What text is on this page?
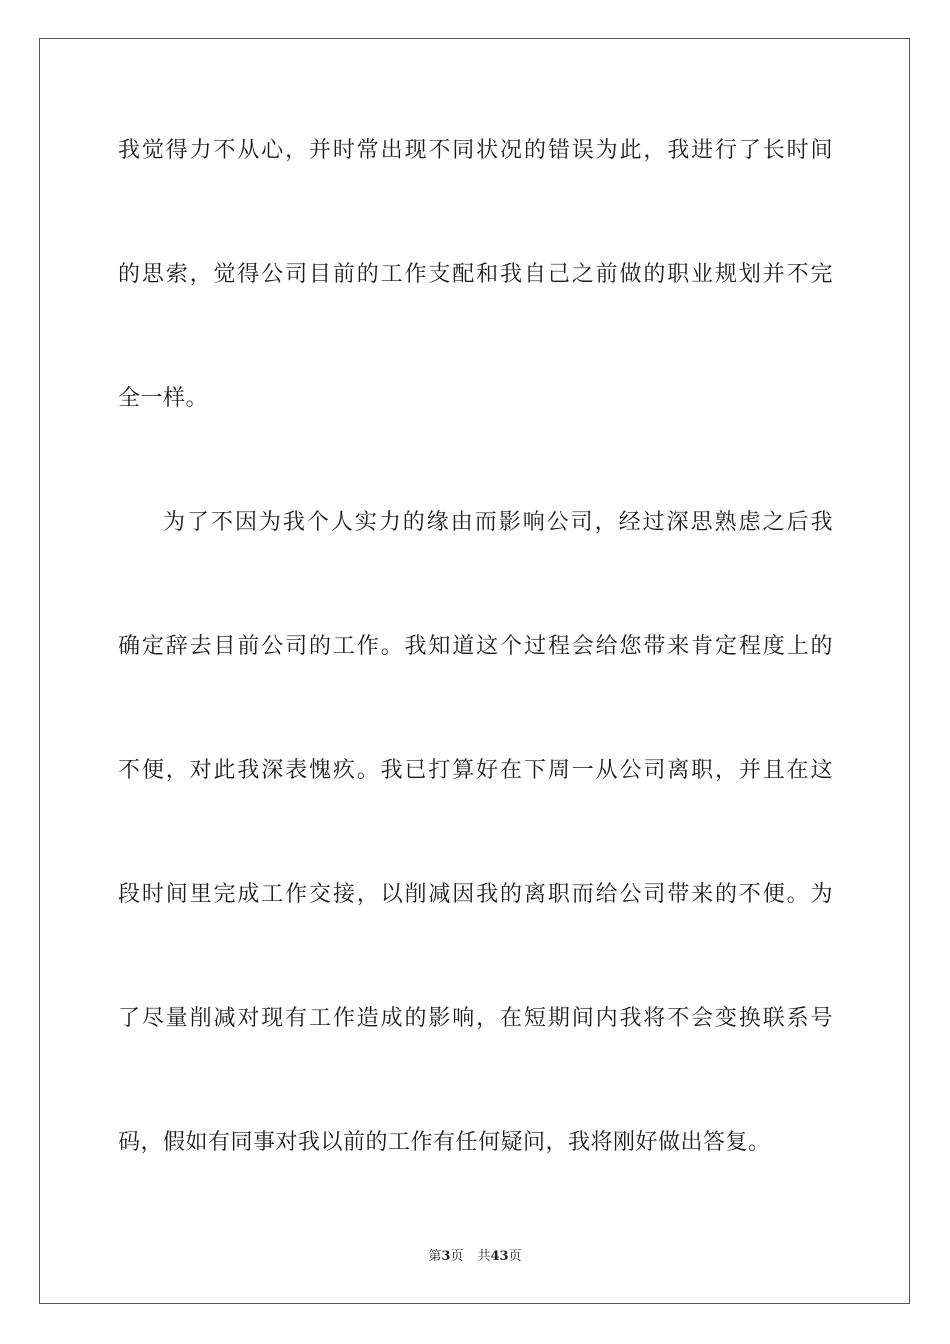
我觉得力不从心，并时常出现不同状况的错误为此，我进行了长时间
的思索，觉得公司目前的工作支配和我自己之前做的职业规划并不完
全一样。
为了不因为我个人实力的缘由而影响公司，经过深思熟虑之后我
确定辞去目前公司的工作。我知道这个过程会给您带来肯定程度上的
不便，对此我深表愧疚。我已打算好在下周一从公司离职，并且在这
段时间里完成工作交接，以削减因我的离职而给公司带来的不便。为
了尽量削减对现有工作造成的影响，在短期间内我将不会变换联系号
码，假如有同事对我以前的工作有任何疑问，我将刚好做出答复。
第3页 共43页
